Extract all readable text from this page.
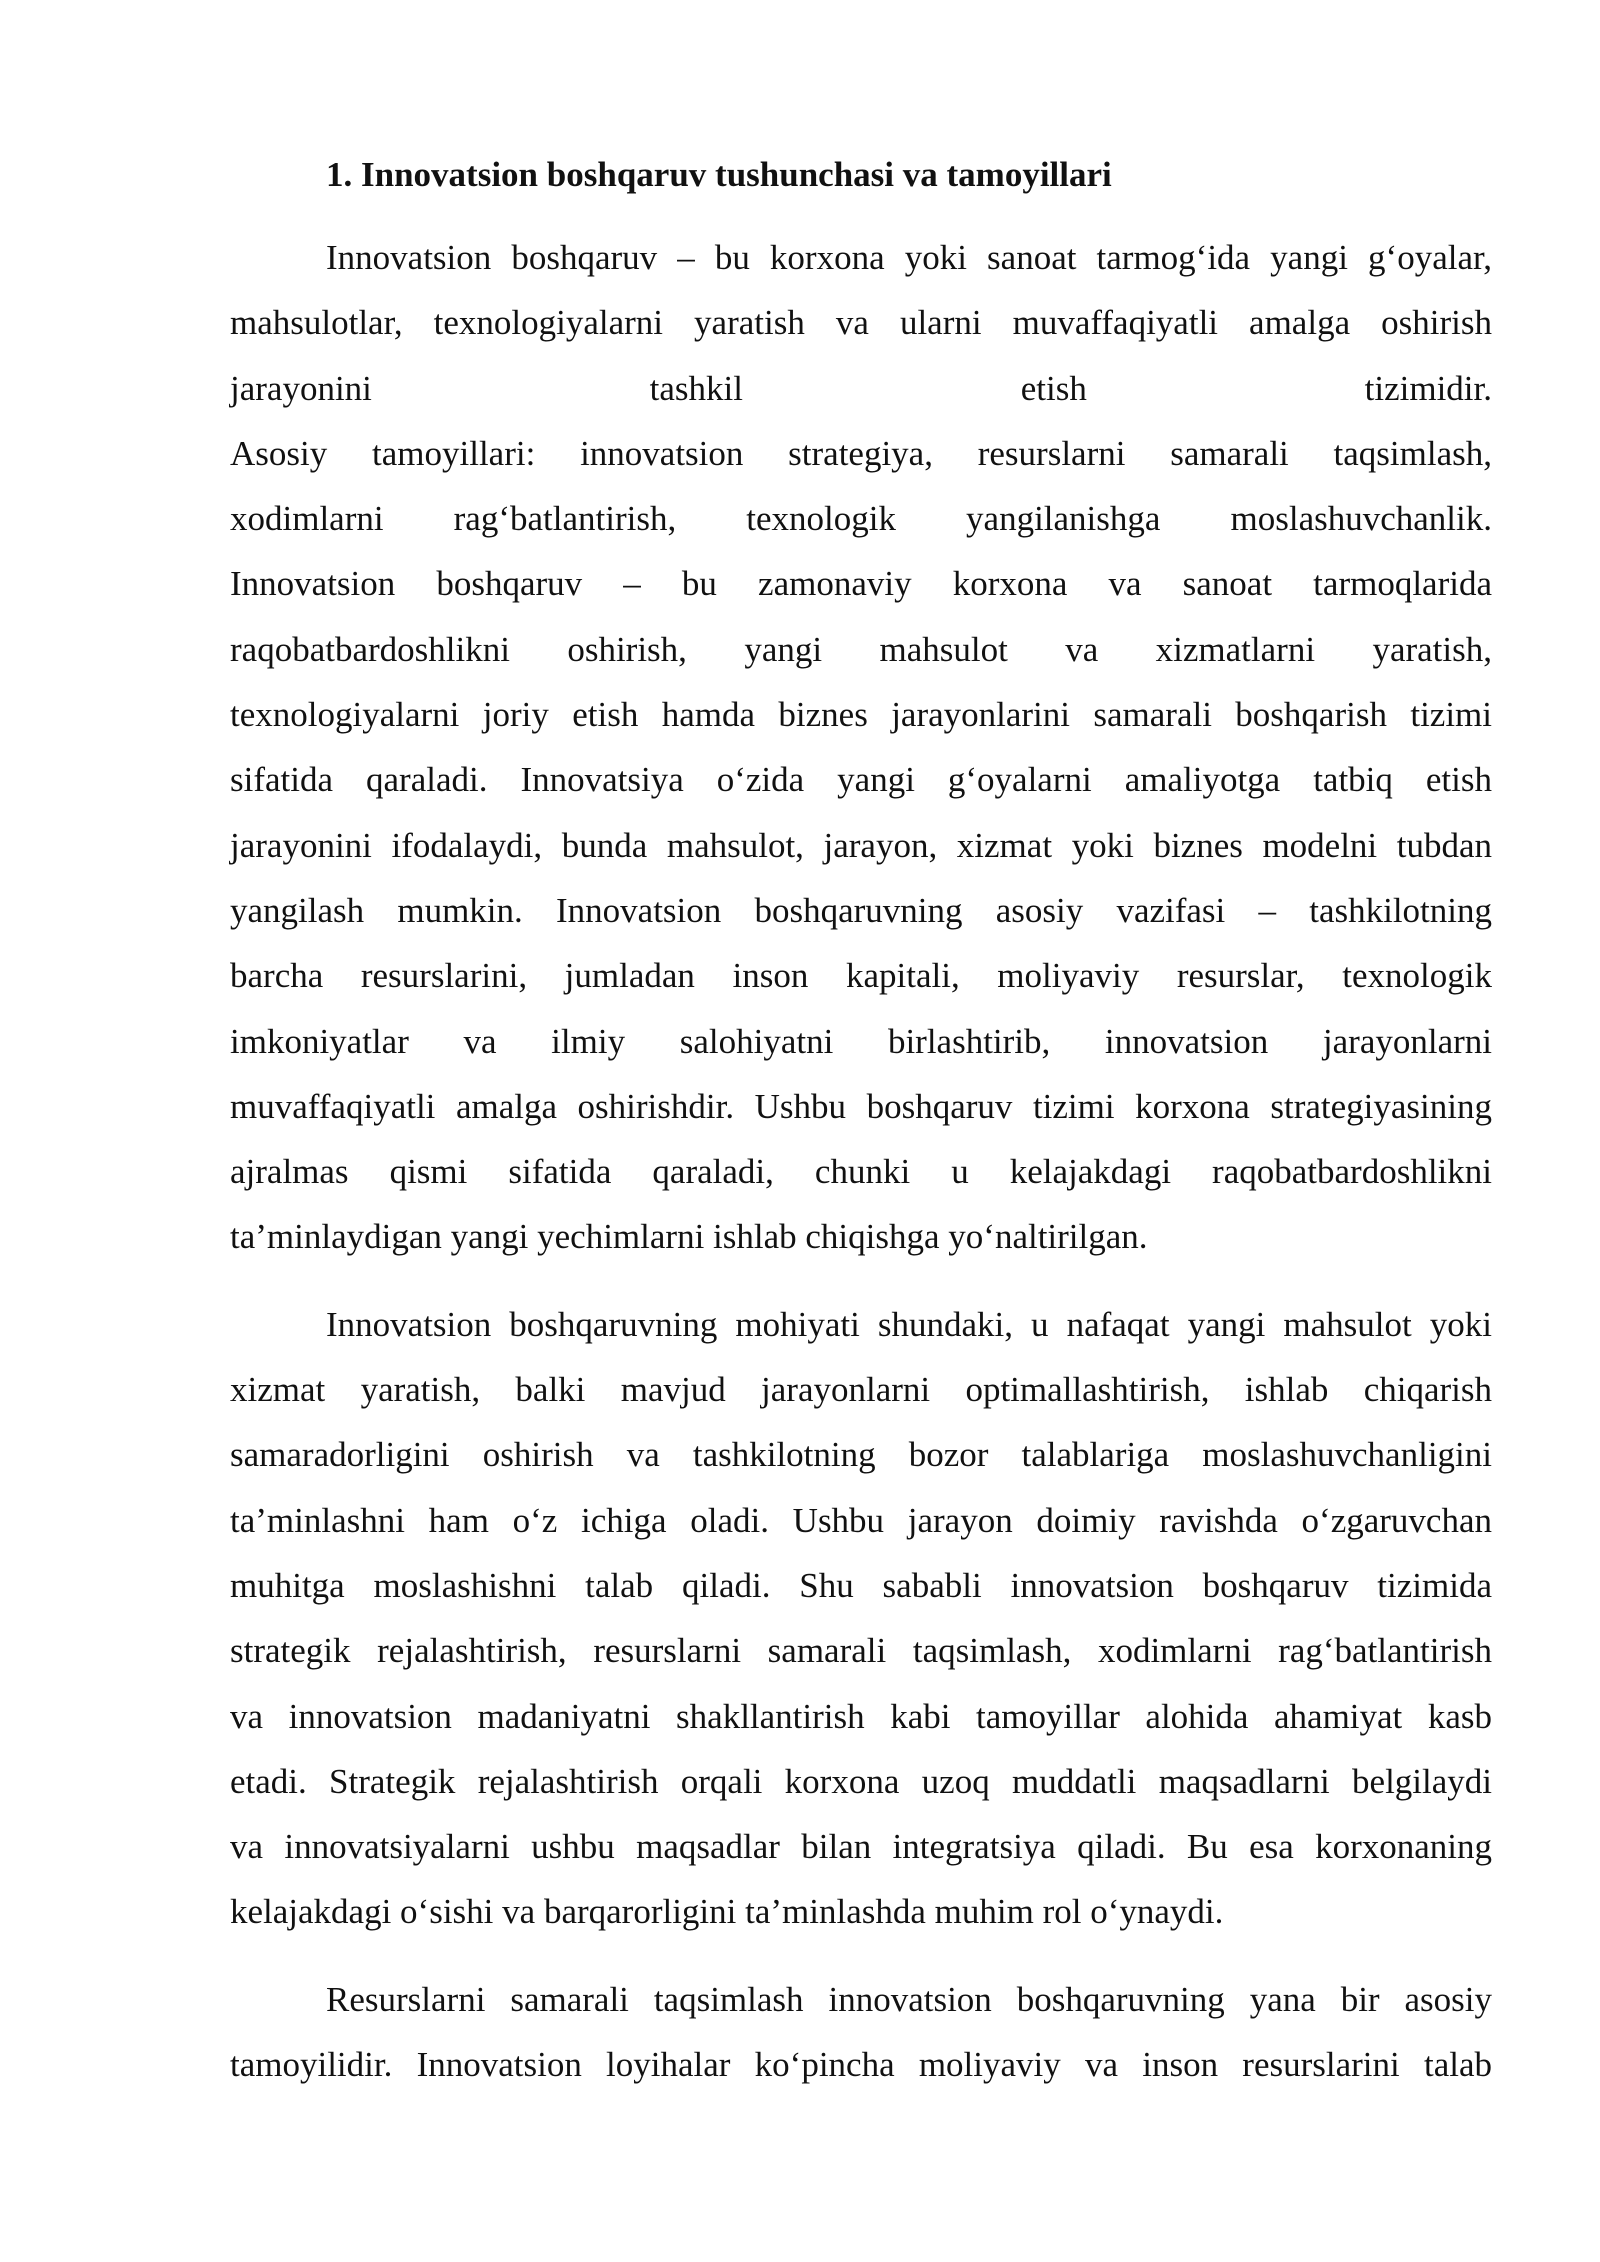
1. Innovatsion boshqaruv tushunchasi va tamoyillari
Innovatsion boshqaruv – bu korxona yoki sanoat tarmog‘ida yangi g‘oyalar,
mahsulotlar, texnologiyalarni yaratish va ularni muvaffaqiyatli amalga oshirish
jarayonini tashkil etish tizimidir.
Asosiy tamoyillari: innovatsion strategiya, resurslarni samarali taqsimlash,
xodimlarni rag‘batlantirish, texnologik yangilanishga moslashuvchanlik.
Innovatsion boshqaruv – bu zamonaviy korxona va sanoat tarmoqlarida
raqobatbardoshlikni oshirish, yangi mahsulot va xizmatlarni yaratish,
texnologiyalarni joriy etish hamda biznes jarayonlarini samarali boshqarish tizimi
sifatida qaraladi. Innovatsiya o‘zida yangi g‘oyalarni amaliyotga tatbiq etish
jarayonini ifodalaydi, bunda mahsulot, jarayon, xizmat yoki biznes modelni tubdan
yangilash mumkin. Innovatsion boshqaruvning asosiy vazifasi – tashkilotning
barcha resurslarini, jumladan inson kapitali, moliyaviy resurslar, texnologik
imkoniyatlar va ilmiy salohiyatni birlashtirib, innovatsion jarayonlarni
muvaffaqiyatli amalga oshirishdir. Ushbu boshqaruv tizimi korxona strategiyasining
ajralmas qismi sifatida qaraladi, chunki u kelajakdagi raqobatbardoshlikni
ta’minlaydigan yangi yechimlarni ishlab chiqishga yo‘naltirilgan.
Innovatsion boshqaruvning mohiyati shundaki, u nafaqat yangi mahsulot yoki
xizmat yaratish, balki mavjud jarayonlarni optimallashtirish, ishlab chiqarish
samaradorligini oshirish va tashkilotning bozor talablariga moslashuvchanligini
ta’minlashni ham o‘z ichiga oladi. Ushbu jarayon doimiy ravishda o‘zgaruvchan
muhitga moslashishni talab qiladi. Shu sababli innovatsion boshqaruv tizimida
strategik rejalashtirish, resurslarni samarali taqsimlash, xodimlarni rag‘batlantirish
va innovatsion madaniyatni shakllantirish kabi tamoyillar alohida ahamiyat kasb
etadi. Strategik rejalashtirish orqali korxona uzoq muddatli maqsadlarni belgilaydi
va innovatsiyalarni ushbu maqsadlar bilan integratsiya qiladi. Bu esa korxonaning
kelajakdagi o‘sishi va barqarorligini ta’minlashda muhim rol o‘ynaydi.
Resurslarni samarali taqsimlash innovatsion boshqaruvning yana bir asosiy
tamoyilidir. Innovatsion loyihalar ko‘pincha moliyaviy va inson resurslarini talab
